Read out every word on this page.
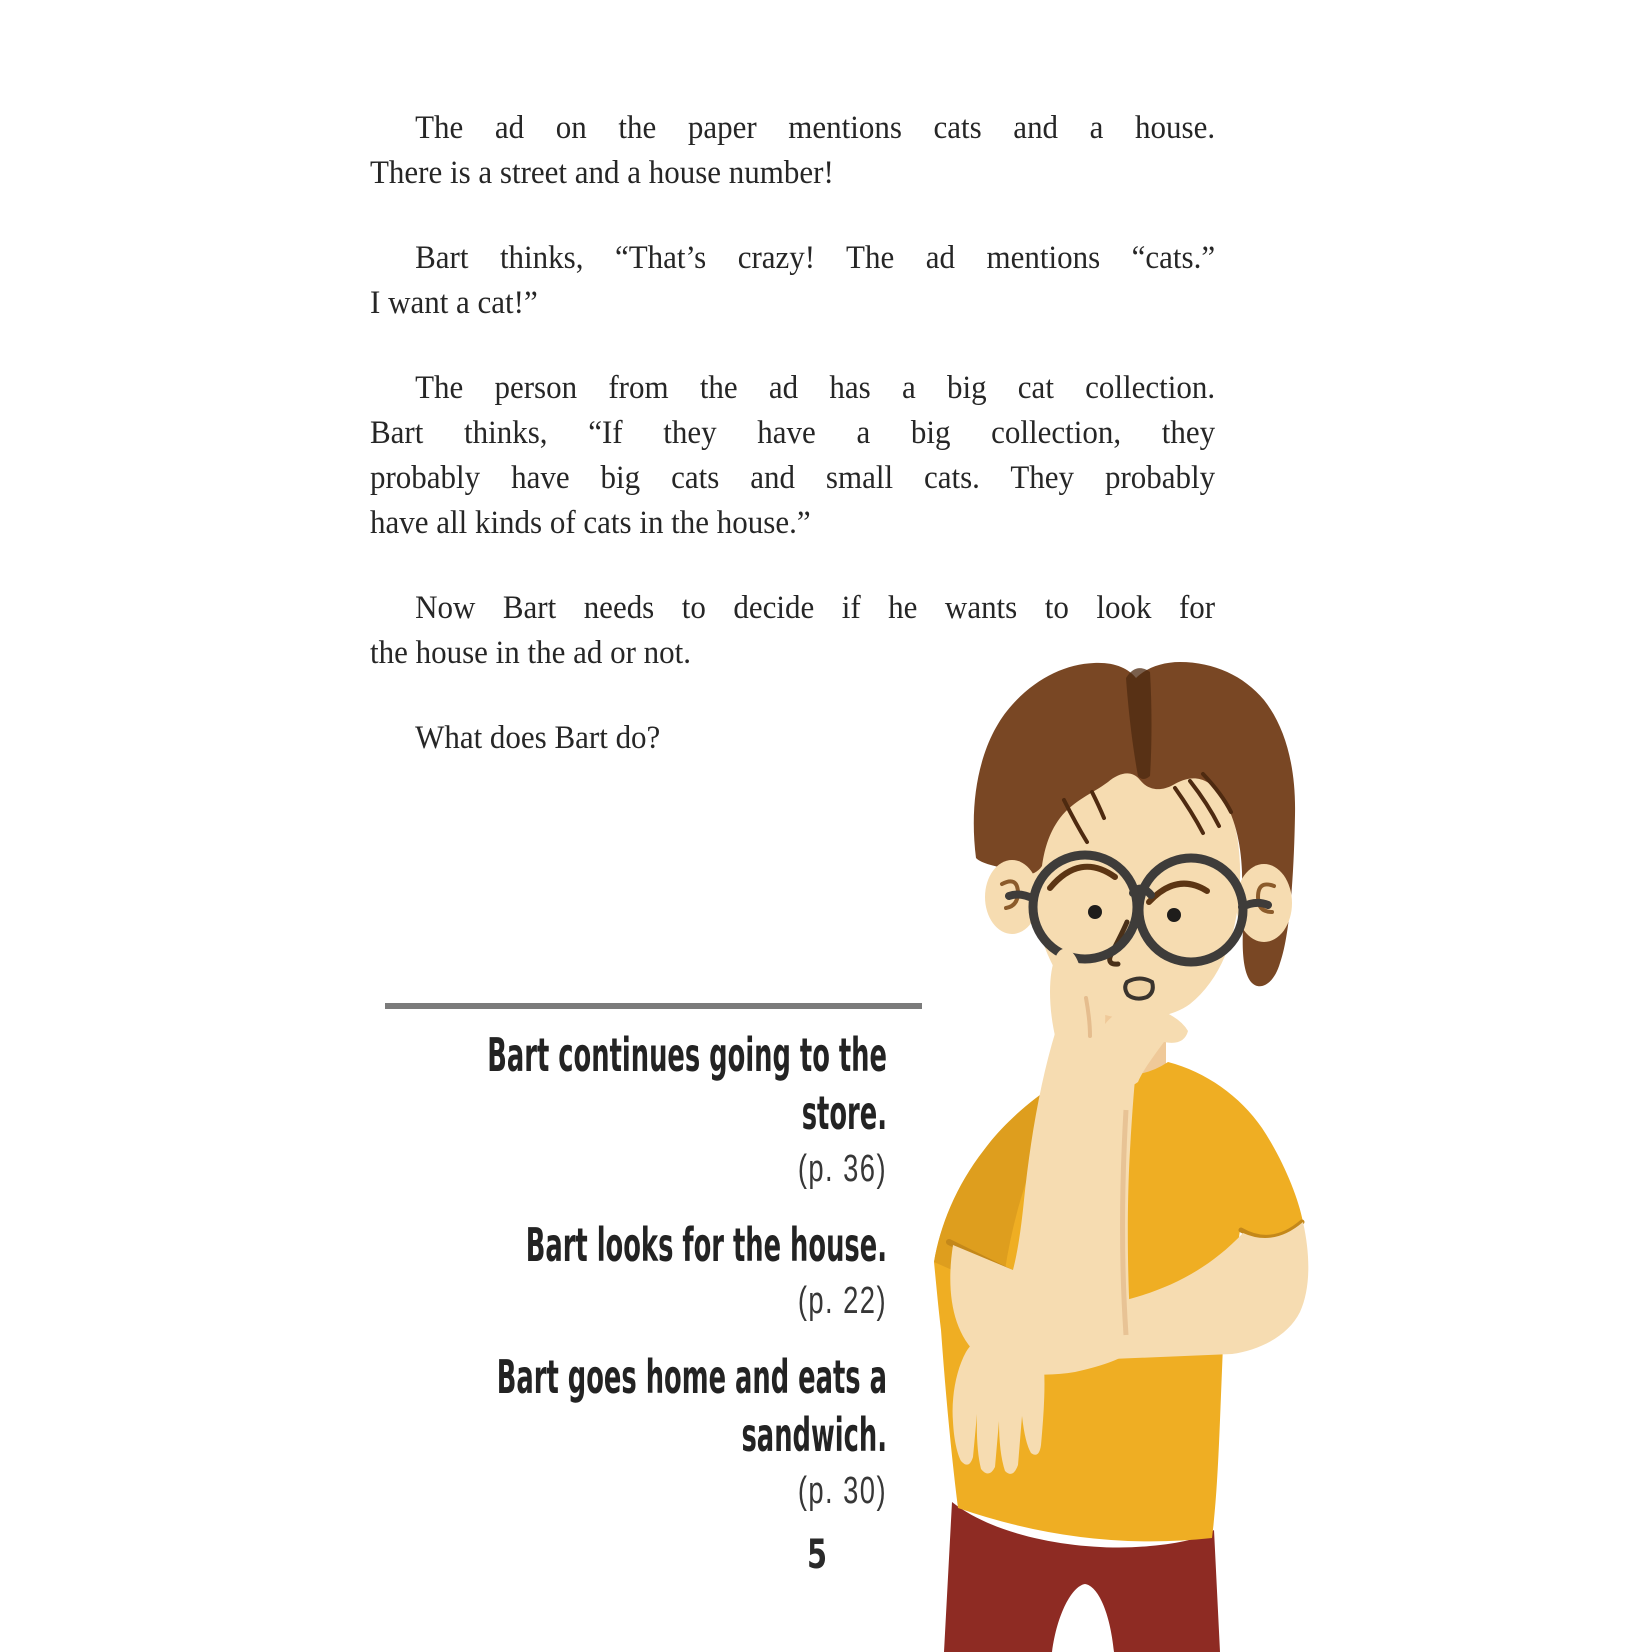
The ad on the paper mentions cats and a house.
There is a street and a house number!
Bart thinks, “That’s crazy! The ad mentions “cats.”
I want a cat!”
The person from the ad has a big cat collection.
Bart thinks, “If they have a big collection, they
probably have big cats and small cats. They probably
have all kinds of cats in the house.”
Now Bart needs to decide if he wants to look for
the house in the ad or not.
What does Bart do?
Bart continues going to the store.
(p. 36)
Bart looks for the house.
(p. 22)
Bart goes home and eats a sandwich.
(p. 30)
5
